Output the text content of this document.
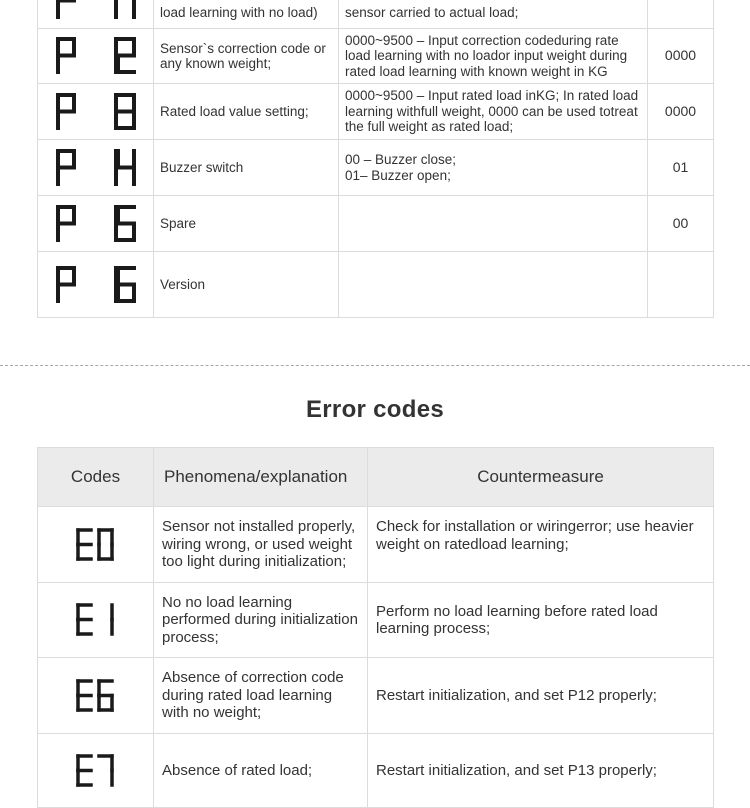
	load learning with no load)	sensor carried to actual load;	

	Sensor`s correction code or any known weight;	0000~9500 – Input correction codeduring rate load learning with no loador input weight during rated load learning with known weight in KG	0000

	Rated load value setting;	0000~9500 – Input rated load inKG; In rated load learning withfull weight, 0000 can be used totreat the full weight as rated load;	0000

	Buzzer switch	00 – Buzzer close;
01– Buzzer open;	01

	Spare		00

	Version		
Error codes
Codes	Phenomena/explanation	Countermeasure

	Sensor not installed properly, wiring wrong, or used weight too light during initialization;	Check for installation or wiringerror; use heavier weight on ratedload learning;

	No no load learning performed during initialization process;	Perform no load learning before rated load learning process;

	Absence of correction code during rated load learning with no weight;	Restart initialization, and set P12 properly;

	Absence of rated load;	Restart initialization, and set P13 properly;
